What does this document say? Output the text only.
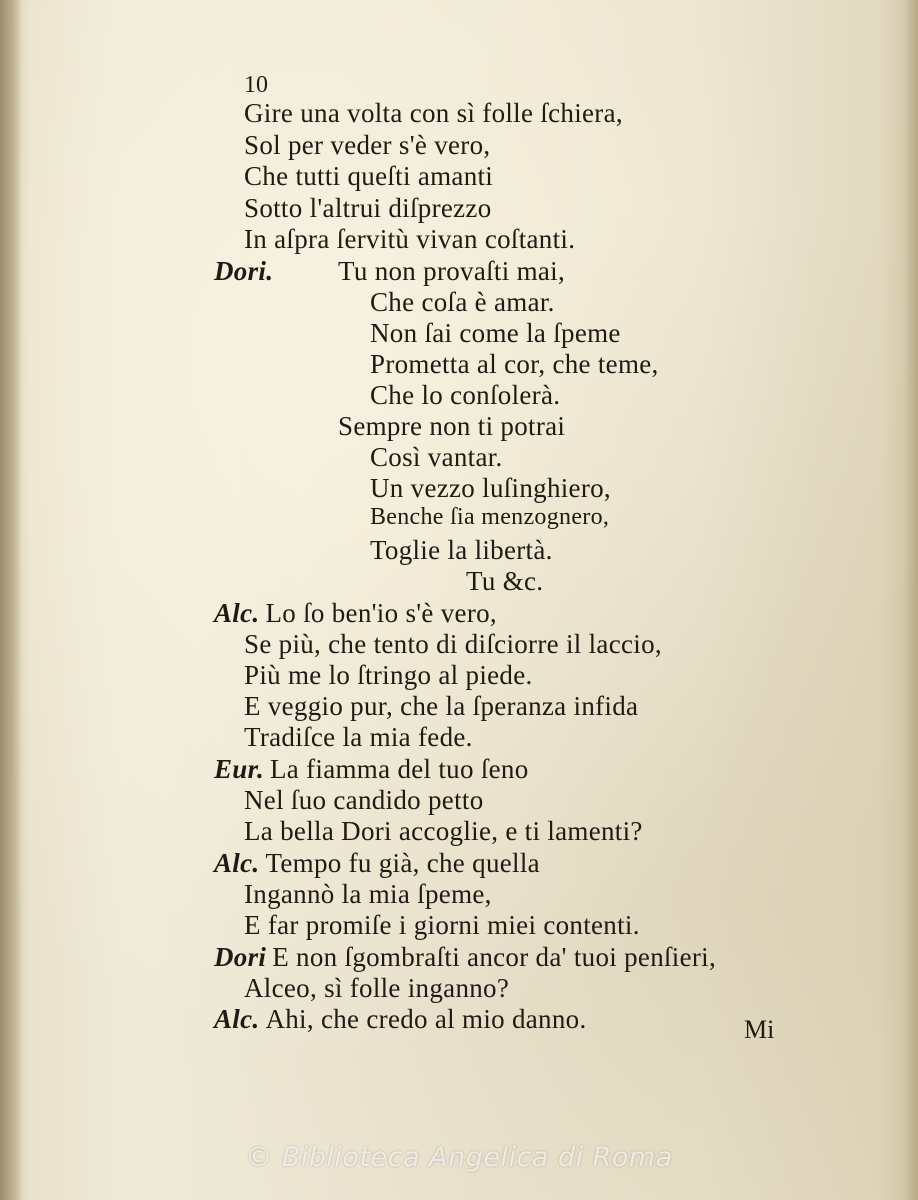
10
Gire una volta con sì folle ſchiera,
Sol per veder s'è vero,
Che tutti queſti amanti
Sotto l'altrui diſprezzo
In aſpra ſervitù vivan coſtanti.
Dori. Tu non provaſti mai,
Che coſa è amar.
Non ſai come la ſpeme
Prometta al cor, che teme,
Che lo conſolerà.
Sempre non ti potrai
Così vantar.
Un vezzo luſinghiero,
Benche ſia menzognero,
Toglie la libertà.
Tu &c.
Alc. Lo ſo ben'io s'è vero,
Se più, che tento di diſciorre il laccio,
Più me lo ſtringo al piede.
E veggio pur, che la ſperanza infida
Tradiſce la mia fede.
Eur. La fiamma del tuo ſeno
Nel ſuo candido petto
La bella Dori accoglie, e ti lamenti?
Alc. Tempo fu già, che quella
Ingannò la mia ſpeme,
E far promiſe i giorni miei contenti.
Dori E non ſgombraſti ancor da' tuoi penſieri,
Alceo, sì folle inganno?
Alc. Ahi, che credo al mio danno.	Mi
© Biblioteca Angelica di Roma
